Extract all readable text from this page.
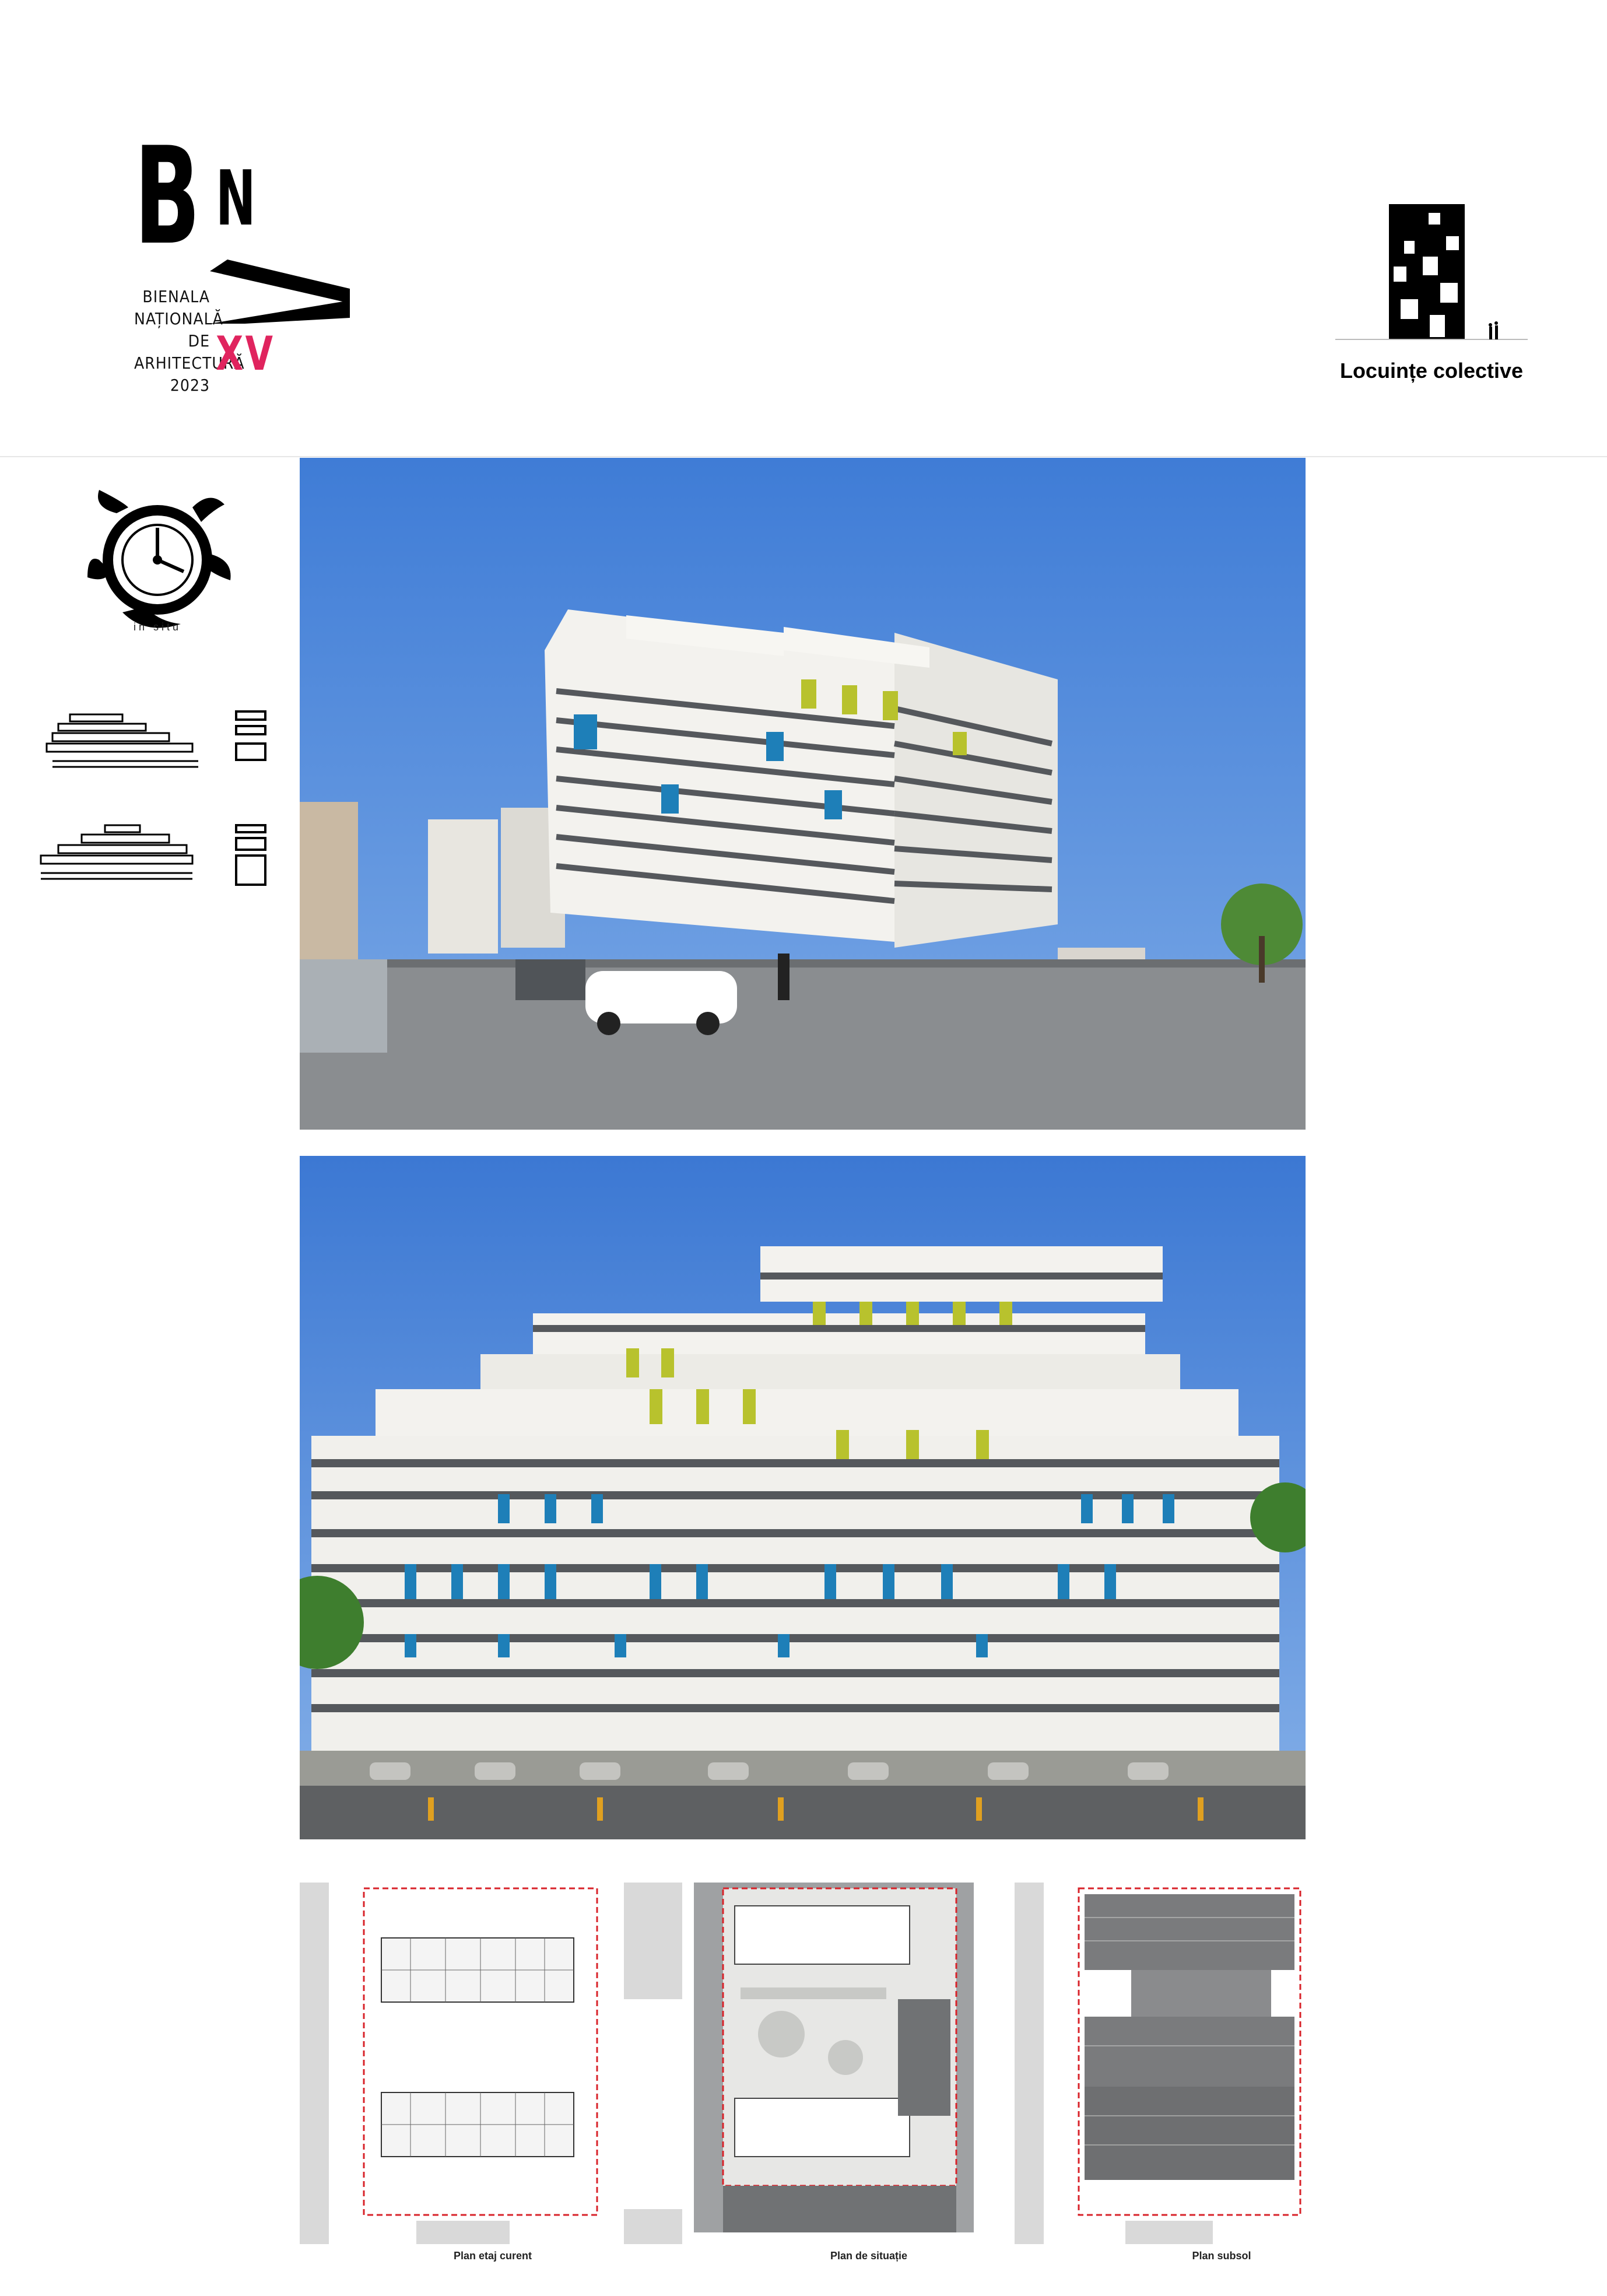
B N
BIENALA
NAȚIONALĂ
DE
ARHITECTURĂ
2023
XV	Locuințe colective
in situ
Plan etaj curent	Plan de situație	Plan subsol
